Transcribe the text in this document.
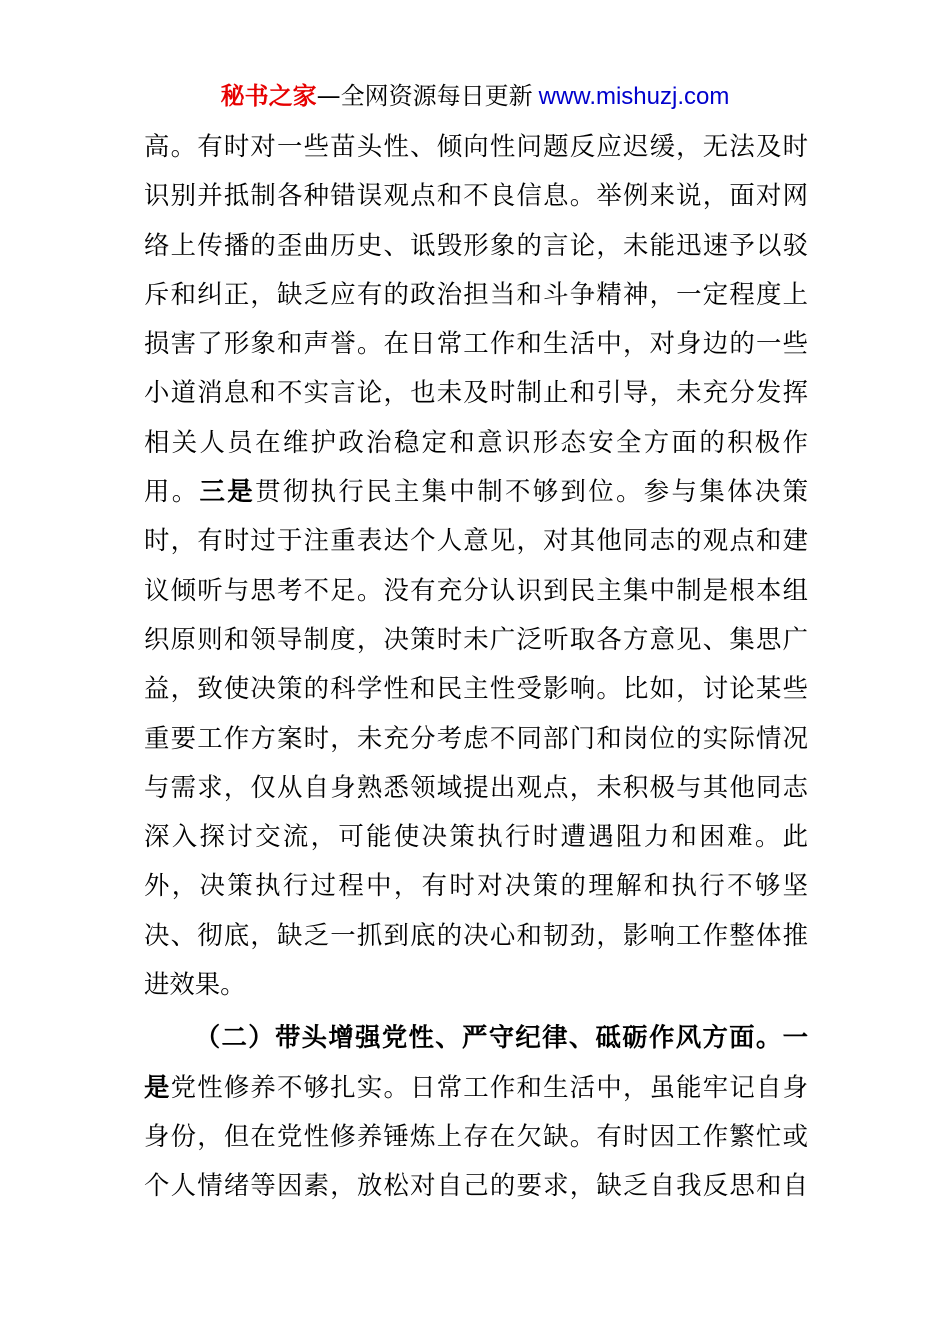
秘书之家—全网资源每日更新 www.mishuzj.com

高。有时对一些苗头性、倾向性问题反应迟缓，无法及时
识别并抵制各种错误观点和不良信息。举例来说，面对网
络上传播的歪曲历史、诋毁形象的言论，未能迅速予以驳
斥和纠正，缺乏应有的政治担当和斗争精神，一定程度上
损害了形象和声誉。在日常工作和生活中，对身边的一些
小道消息和不实言论，也未及时制止和引导，未充分发挥
相关人员在维护政治稳定和意识形态安全方面的积极作
用。三是贯彻执行民主集中制不够到位。参与集体决策
时，有时过于注重表达个人意见，对其他同志的观点和建
议倾听与思考不足。没有充分认识到民主集中制是根本组
织原则和领导制度，决策时未广泛听取各方意见、集思广
益，致使决策的科学性和民主性受影响。比如，讨论某些
重要工作方案时，未充分考虑不同部门和岗位的实际情况
与需求，仅从自身熟悉领域提出观点，未积极与其他同志
深入探讨交流，可能使决策执行时遭遇阻力和困难。此
外，决策执行过程中，有时对决策的理解和执行不够坚
决、彻底，缺乏一抓到底的决心和韧劲，影响工作整体推
进效果。

（二）带头增强党性、严守纪律、砥砺作风方面。一
是党性修养不够扎实。日常工作和生活中，虽能牢记自身
身份，但在党性修养锤炼上存在欠缺。有时因工作繁忙或
个人情绪等因素，放松对自己的要求，缺乏自我反思和自
